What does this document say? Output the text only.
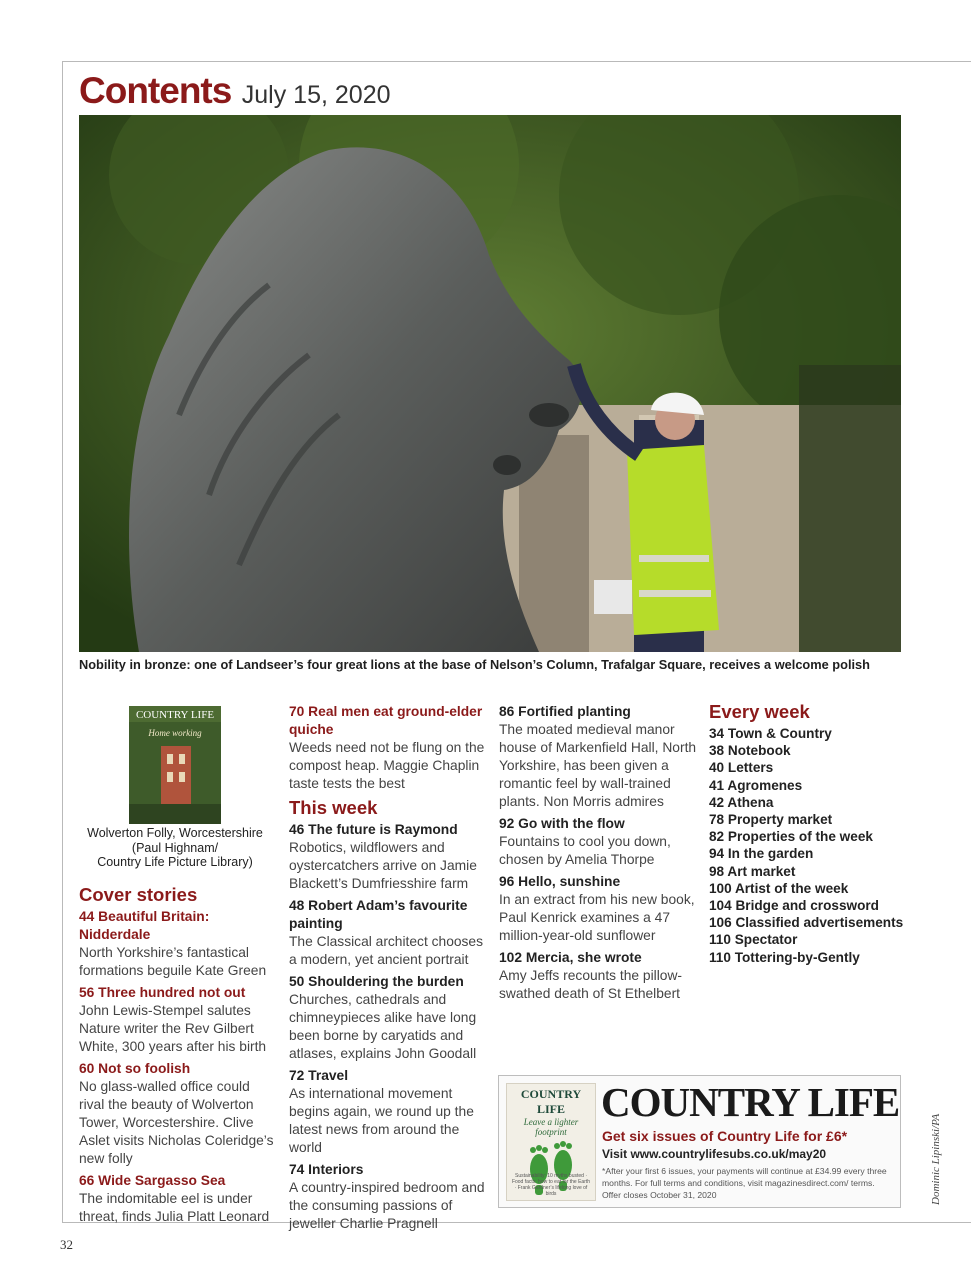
Contents July 15, 2020
Nobility in bronze: one of Landseer’s four great lions at the base of Nelson’s Column, Trafalgar Square, receives a welcome polish
COUNTRY LIFE
Home working
Wolverton Folly, Worcestershire
(Paul Highnam/
Country Life Picture Library)
Cover stories
44 Beautiful Britain: Nidderdale
North Yorkshire’s fantastical formations beguile Kate Green
56 Three hundred not out
John Lewis-Stempel salutes Nature writer the Rev Gilbert White, 300 years after his birth
60 Not so foolish
No glass-walled office could rival the beauty of Wolverton Tower, Worcestershire. Clive Aslet visits Nicholas Coleridge’s new folly
66 Wide Sargasso Sea
The indomitable eel is under threat, finds Julia Platt Leonard
70 Real men eat ground-elder quiche
Weeds need not be flung on the compost heap. Maggie Chaplin taste tests the best
This week
46 The future is Raymond
Robotics, wildflowers and oystercatchers arrive on Jamie Blackett’s Dumfriesshire farm
48 Robert Adam’s favourite painting
The Classical architect chooses a modern, yet ancient portrait
50 Shouldering the burden
Churches, cathedrals and chimneypieces alike have long been borne by caryatids and atlases, explains John Goodall
72 Travel
As international movement begins again, we round up the latest news from around the world
74 Interiors
A country-inspired bedroom and the consuming passions of jeweller Charlie Pragnell
86 Fortified planting
The moated medieval manor house of Markenfield Hall, North Yorkshire, has been given a romantic feel by wall-trained plants. Non Morris admires
92 Go with the flow
Fountains to cool you down, chosen by Amelia Thorpe
96 Hello, sunshine
In an extract from his new book, Paul Kenrick examines a 47 million-year-old sunflower
102 Mercia, she wrote
Amy Jeffs recounts the pillow-swathed death of St Ethelbert
Every week
34 Town & Country
38 Notebook
40 Letters
41 Agromenes
42 Athena
78 Property market
82 Properties of the week
94 In the garden
98 Art market
100 Artist of the week
104 Bridge and crossword
106 Classified advertisements
110 Spectator
110 Tottering-by-Gently
COUNTRY LIFE
Leave a lighter footprint
Sustainability: 10 myths busted · Food facts: how to eat for the Earth · Frank Gardner’s lifelong love of birds
COUNTRY LIFE
Get six issues of Country Life for £6*
Visit www.countrylifesubs.co.uk/may20
*After your first 6 issues, your payments will continue at £34.99 every three months. For full terms and conditions, visit magazinesdirect.com/ terms. Offer closes October 31, 2020	Dominic Lipinski/PA
32
